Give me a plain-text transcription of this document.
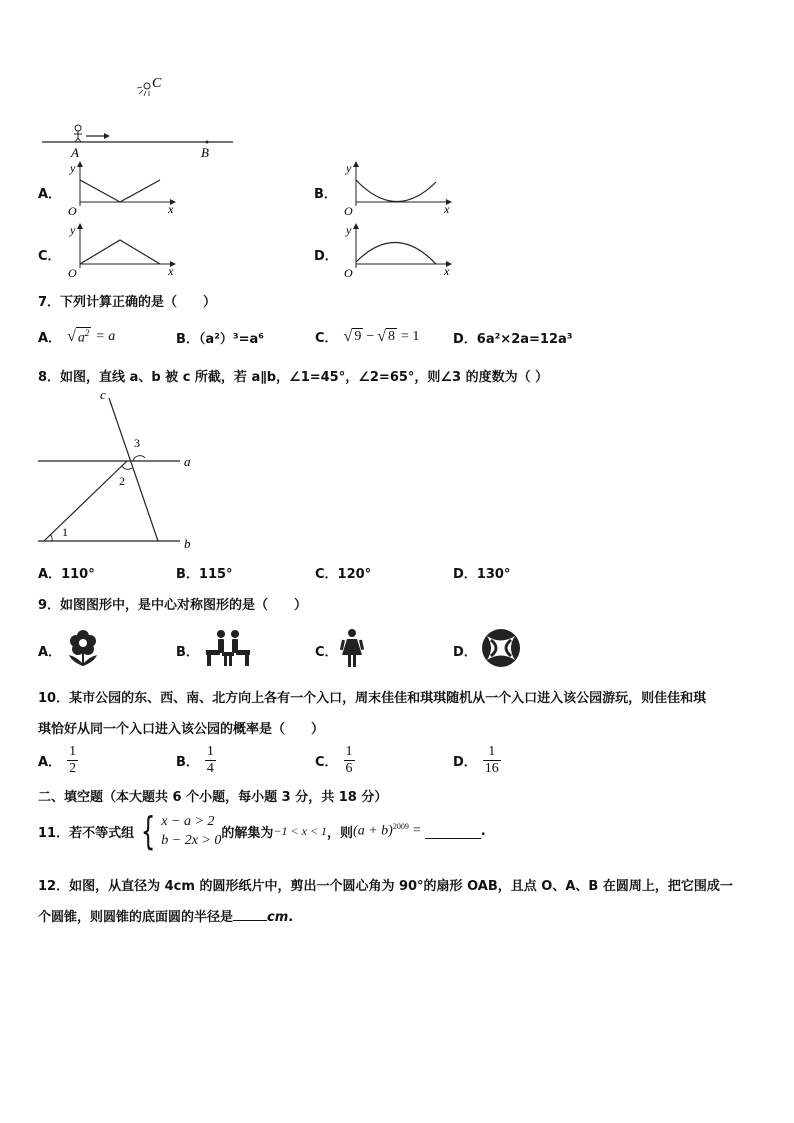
C
A	B
A．
y
O	x
B．
y
O	x
C．
y
O	x
D．
y
O	x
7．下列计算正确的是（　　）
A． √ $a^2 = a$	B．（a²）³=a⁶	C． √ 9 − √ 8 = 1	D．6a²×2a=12a³
8．如图，直线 a、b 被 c 所截，若 a∥b，∠1=45°，∠2=65°，则∠3 的度数为（ ）
c
a
b
3
2
1
A．110°	B．115°	C．120°	D．130°
9．如图图形中，是中心对称图形的是（　　）
A．	B．	C．	D．
10．某市公园的东、西、南、北方向上各有一个入口，周末佳佳和琪琪随机从一个入口进入该公园游玩，则佳佳和琪
琪恰好从同一个入口进入该公园的概率是（　　）
A． $\frac{1}{2}$	B． $\frac{1}{4}$	C． $\frac{1}{6}$	D． $\frac{1}{16}$
二、填空题（本大题共 6 个小题，每小题 3 分，共 18 分）
11．若不等式组 { x − a > 2
b − 2x > 0 的解集为 −1 < x < 1 ，则 $(a + b)^{2009}$ =	.
12．如图，从直径为 4cm 的圆形纸片中，剪出一个圆心角为 90°的扇形 OAB，且点 O、A、B 在圆周上，把它围成一
个圆锥，则圆锥的底面圆的半径是	cm .
